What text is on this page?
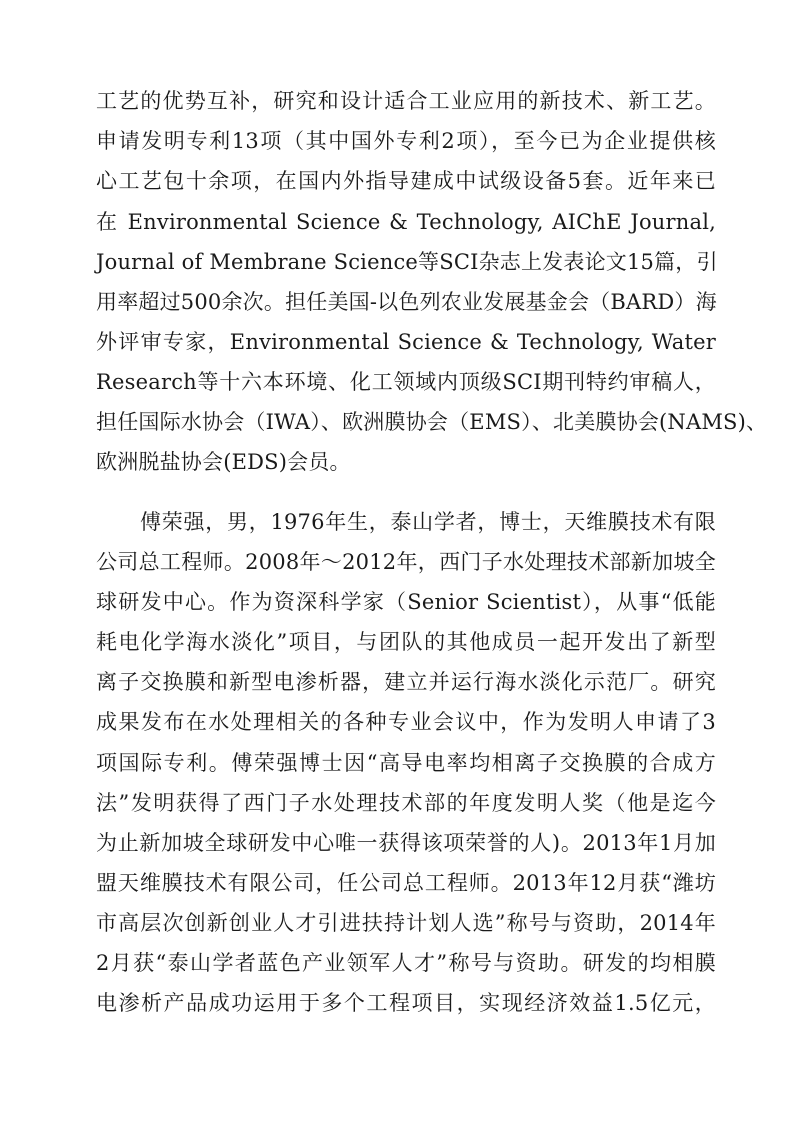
工艺的优势互补，研究和设计适合工业应用的新技术、新工艺。
申请发明专利13项（其中国外专利2项），至今已为企业提供核
心工艺包十余项，在国内外指导建成中试级设备5套。近年来已
在 Environmental Science & Technology, AIChE Journal,
Journal of Membrane Science等SCI杂志上发表论文15篇，引
用率超过500余次。担任美国-以色列农业发展基金会（BARD）海
外评审专家，Environmental Science & Technology, Water
Research等十六本环境、化工领域内顶级SCI期刊特约审稿人，
担任国际水协会（IWA）、欧洲膜协会（EMS）、北美膜协会(NAMS)、
欧洲脱盐协会(EDS)会员。
傅荣强，男，1976年生，泰山学者，博士，天维膜技术有限
公司总工程师。2008年～2012年，西门子水处理技术部新加坡全
球研发中心。作为资深科学家（Senior Scientist），从事“低能
耗电化学海水淡化”项目，与团队的其他成员一起开发出了新型
离子交换膜和新型电渗析器，建立并运行海水淡化示范厂。研究
成果发布在水处理相关的各种专业会议中，作为发明人申请了3
项国际专利。傅荣强博士因“高导电率均相离子交换膜的合成方
法”发明获得了西门子水处理技术部的年度发明人奖（他是迄今
为止新加坡全球研发中心唯一获得该项荣誉的人)。2013年1月加
盟天维膜技术有限公司，任公司总工程师。2013年12月获“潍坊
市高层次创新创业人才引进扶持计划人选”称号与资助，2014年
2月获“泰山学者蓝色产业领军人才”称号与资助。研发的均相膜
电渗析产品成功运用于多个工程项目，实现经济效益1.5亿元，
